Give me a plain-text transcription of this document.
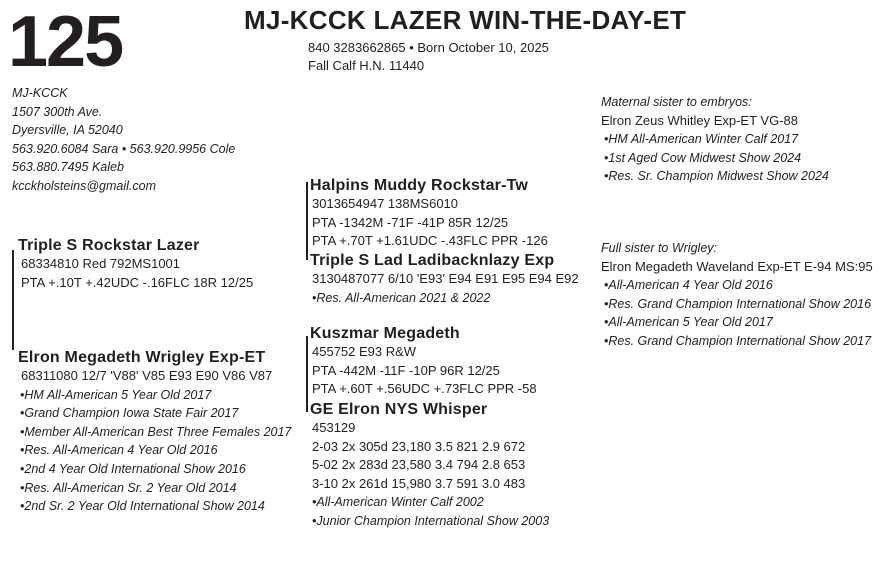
125	MJ-KCCK LAZER WIN-THE-DAY-ET
840 3283662865 • Born October 10, 2025
Fall Calf H.N. 11440
MJ-KCCK
1507 300th Ave.
Dyersville, IA 52040
563.920.6084 Sara • 563.920.9956 Cole
563.880.7495 Kaleb
kcckholsteins@gmail.com
Triple S Rockstar Lazer
68334810 Red 792MS1001
PTA +.10T +.42UDC -.16FLC 18R 12/25
Elron Megadeth Wrigley Exp-ET
68311080 12/7 'V88' V85 E93 E90 V86 V87
•HM All-American 5 Year Old 2017
•Grand Champion Iowa State Fair 2017
•Member All-American Best Three Females 2017
•Res. All-American 4 Year Old 2016
•2nd 4 Year Old International Show 2016
•Res. All-American Sr. 2 Year Old 2014
•2nd Sr. 2 Year Old International Show 2014
Halpins Muddy Rockstar-Tw
3013654947 138MS6010
PTA -1342M -71F -41P 85R 12/25
PTA +.70T +1.61UDC -.43FLC PPR -126
Triple S Lad Ladibacknlazy Exp
3130487077 6/10 'E93' E94 E91 E95 E94 E92
•Res. All-American 2021 & 2022
Kuszmar Megadeth
455752 E93 R&W
PTA -442M -11F -10P 96R 12/25
PTA +.60T +.56UDC +.73FLC PPR -58
GE Elron NYS Whisper
453129
2-03 2x 305d 23,180 3.5 821 2.9 672
5-02 2x 283d 23,580 3.4 794 2.8 653
3-10 2x 261d 15,980 3.7 591 3.0 483
•All-American Winter Calf 2002
•Junior Champion International Show 2003
Maternal sister to embryos:
Elron Zeus Whitley Exp-ET VG-88
•HM All-American Winter Calf 2017
•1st Aged Cow Midwest Show 2024
•Res. Sr. Champion Midwest Show 2024
Full sister to Wrigley:
Elron Megadeth Waveland Exp-ET E-94 MS:95
•All-American 4 Year Old 2016
•Res. Grand Champion International Show 2016
•All-American 5 Year Old 2017
•Res. Grand Champion International Show 2017
